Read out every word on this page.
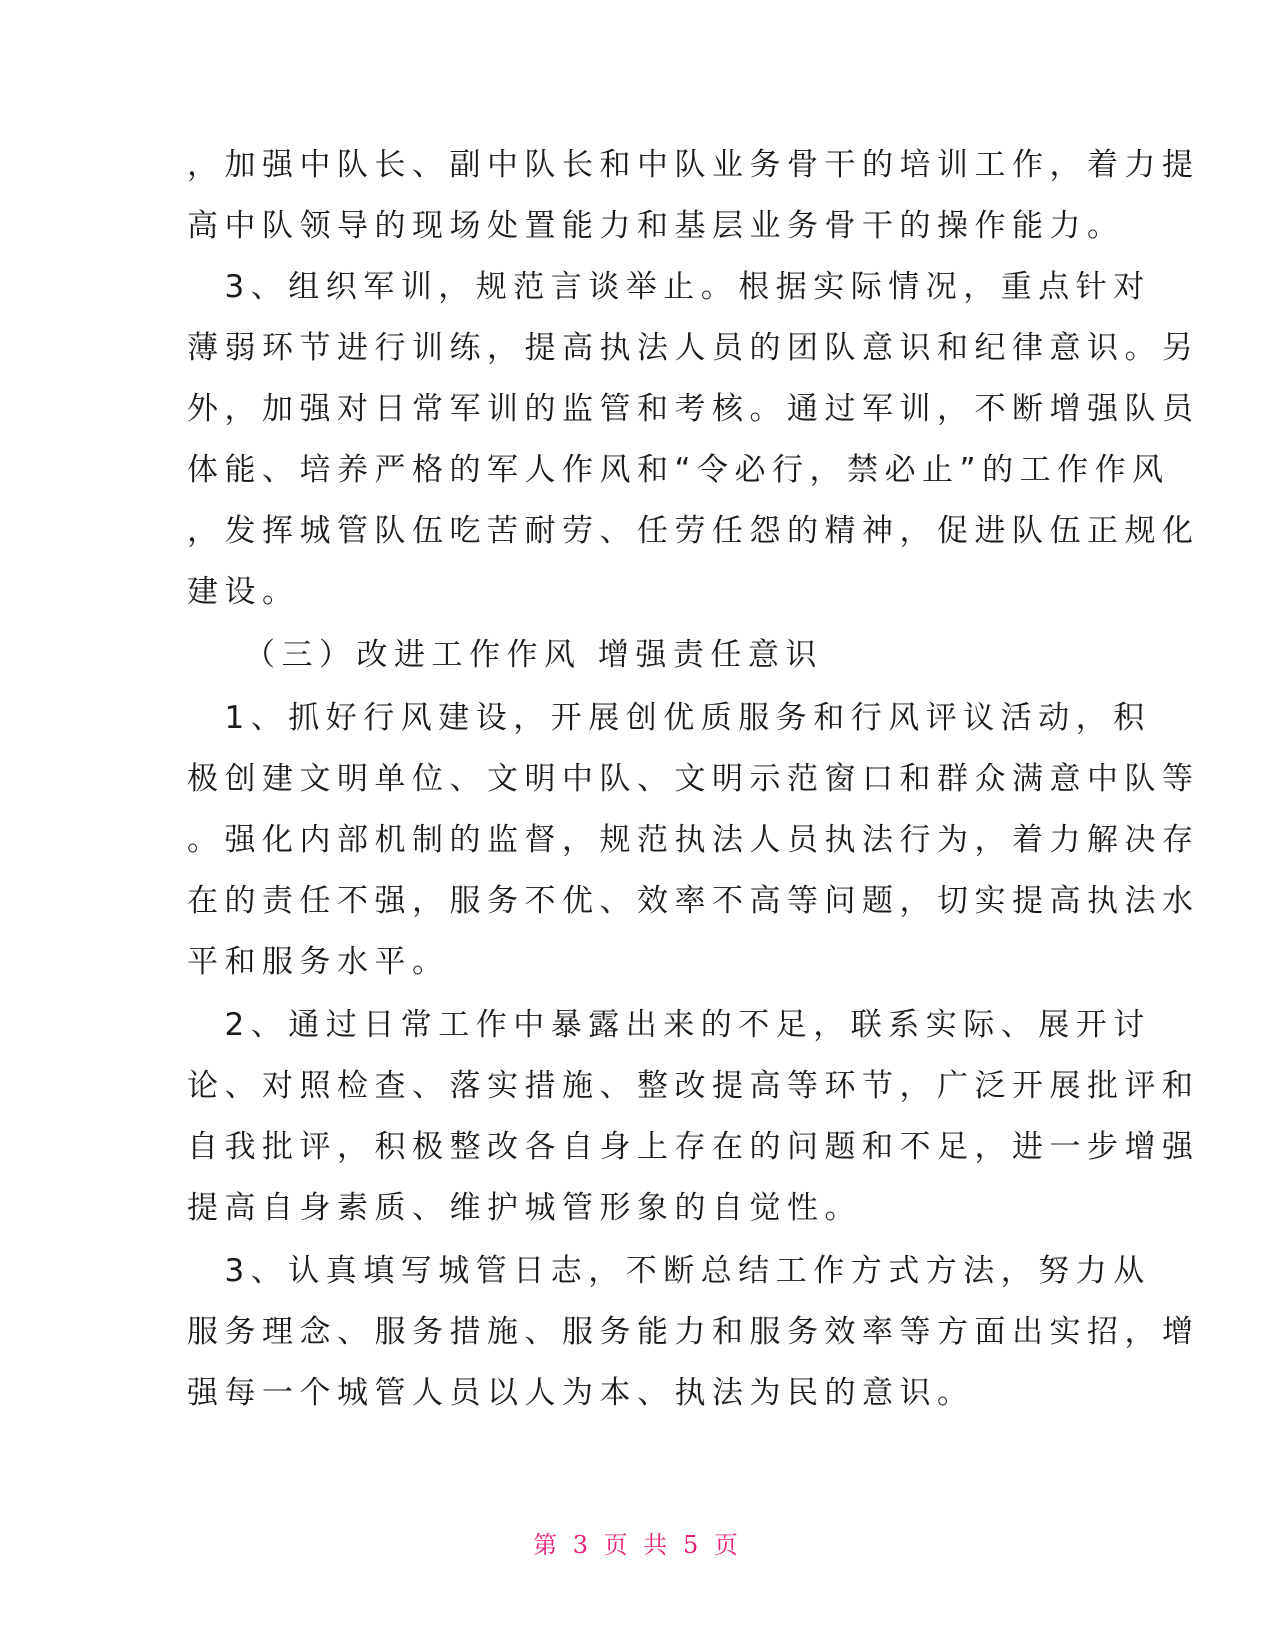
，加强中队长、副中队长和中队业务骨干的培训工作，着力提
高中队领导的现场处置能力和基层业务骨干的操作能力。
　3、组织军训，规范言谈举止。根据实际情况，重点针对
薄弱环节进行训练，提高执法人员的团队意识和纪律意识。另
外，加强对日常军训的监管和考核。通过军训，不断增强队员
体能、培养严格的军人作风和“令必行，禁必止”的工作作风
，发挥城管队伍吃苦耐劳、任劳任怨的精神，促进队伍正规化
建设。
（三）改进工作作风 增强责任意识
　1、抓好行风建设，开展创优质服务和行风评议活动，积
极创建文明单位、文明中队、文明示范窗口和群众满意中队等
。强化内部机制的监督，规范执法人员执法行为，着力解决存
在的责任不强，服务不优、效率不高等问题，切实提高执法水
平和服务水平。
　2、通过日常工作中暴露出来的不足，联系实际、展开讨
论、对照检查、落实措施、整改提高等环节，广泛开展批评和
自我批评，积极整改各自身上存在的问题和不足，进一步增强
提高自身素质、维护城管形象的自觉性。
　3、认真填写城管日志，不断总结工作方式方法，努力从
服务理念、服务措施、服务能力和服务效率等方面出实招，增
强每一个城管人员以人为本、执法为民的意识。
第 3 页 共 5 页
